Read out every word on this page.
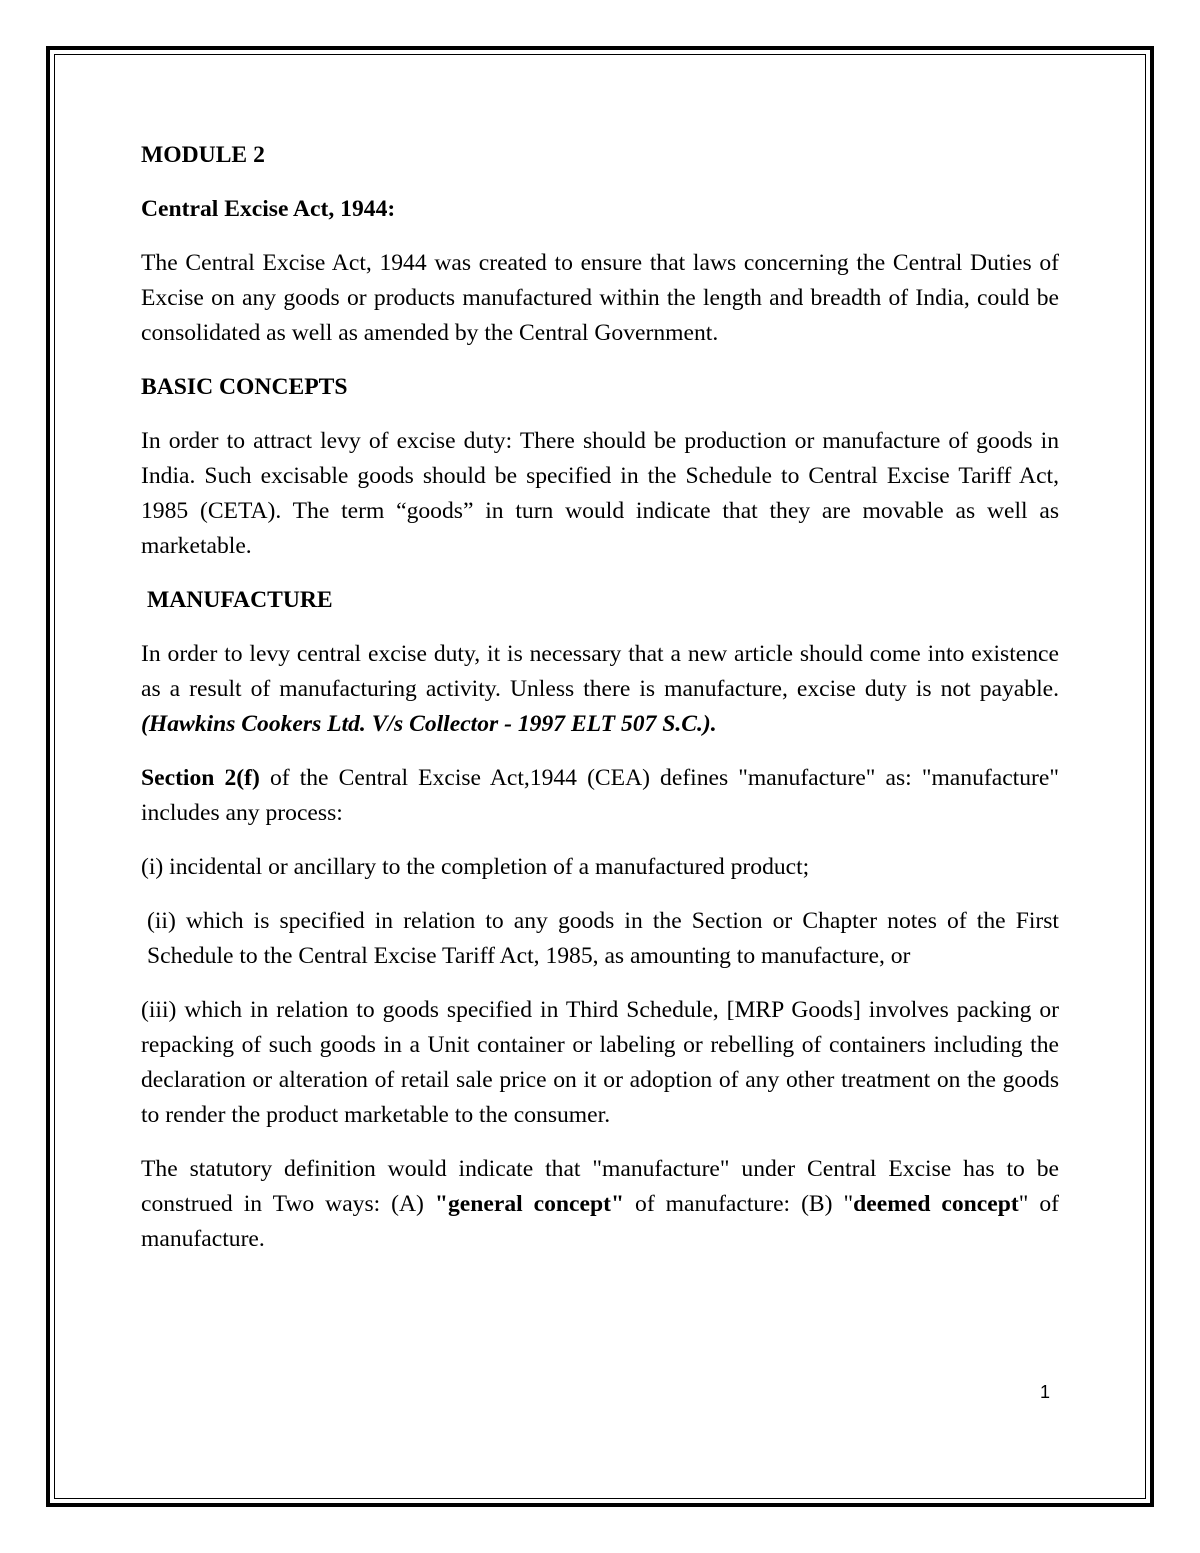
MODULE 2

Central Excise Act, 1944:

The Central Excise Act, 1944 was created to ensure that laws concerning the Central Duties of Excise on any goods or products manufactured within the length and breadth of India, could be consolidated as well as amended by the Central Government.

BASIC CONCEPTS

In order to attract levy of excise duty: There should be production or manufacture of goods in India. Such excisable goods should be specified in the Schedule to Central Excise Tariff Act, 1985 (CETA). The term “goods” in turn would indicate that they are movable as well as marketable.

MANUFACTURE

In order to levy central excise duty, it is necessary that a new article should come into existence as a result of manufacturing activity. Unless there is manufacture, excise duty is not payable. (Hawkins Cookers Ltd. V/s Collector - 1997 ELT 507 S.C.).

Section 2(f) of the Central Excise Act,1944 (CEA) defines "manufacture" as: "manufacture" includes any process:

(i) incidental or ancillary to the completion of a manufactured product;

(ii) which is specified in relation to any goods in the Section or Chapter notes of the First Schedule to the Central Excise Tariff Act, 1985, as amounting to manufacture, or

(iii) which in relation to goods specified in Third Schedule, [MRP Goods] involves packing or repacking of such goods in a Unit container or labeling or rebelling of containers including the declaration or alteration of retail sale price on it or adoption of any other treatment on the goods to render the product marketable to the consumer.

The statutory definition would indicate that "manufacture" under Central Excise has to be construed in Two ways: (A) "general concept" of manufacture: (B) "deemed concept" of manufacture.

1
